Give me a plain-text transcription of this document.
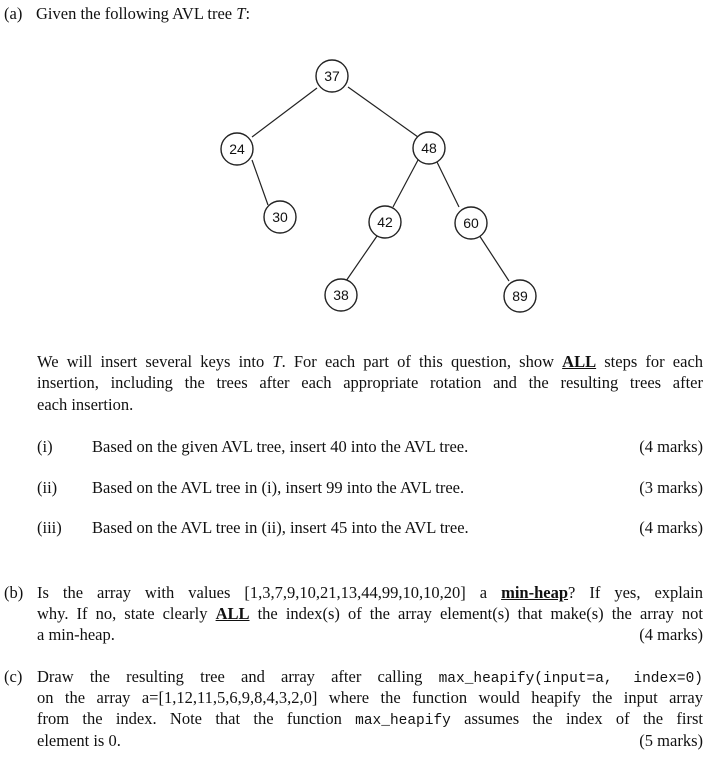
(a) Given the following AVL tree T:
37
24	48
30	42	60
38	89
We will insert several keys into T. For each part of this question, show ALL steps for each
insertion, including the trees after each appropriate rotation and the resulting trees after
each insertion.
(i) Based on the given AVL tree, insert 40 into the AVL tree.	(4 marks)
(ii) Based on the AVL tree in (i), insert 99 into the AVL tree.	(3 marks)
(iii) Based on the AVL tree in (ii), insert 45 into the AVL tree.	(4 marks)
(b) Is the array with values [1,3,7,9,10,21,13,44,99,10,10,20] a min-heap? If yes, explain
why. If no, state clearly ALL the index(s) of the array element(s) that make(s) the array not
a min-heap.	(4 marks)
(c) Draw the resulting tree and array after calling max_heapify(input=a, index=0)
on the array a=[1,12,11,5,6,9,8,4,3,2,0] where the function would heapify the input array
from the index. Note that the function max_heapify assumes the index of the first
element is 0.	(5 marks)
